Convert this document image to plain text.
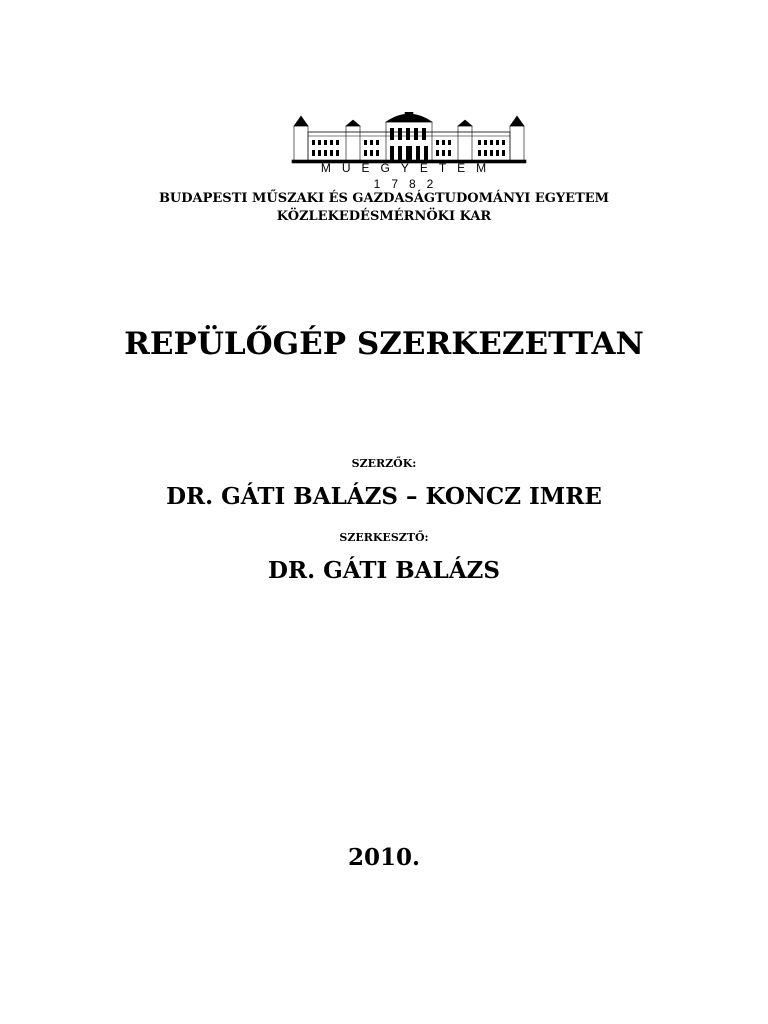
MŰEGYETEM 1782
BUDAPESTI MŰSZAKI ÉS GAZDASÁGTUDOMÁNYI EGYETEM
KÖZLEKEDÉSMÉRNÖKI KAR
REPÜLŐGÉP SZERKEZETTAN
SZERZŐK:
DR. GÁTI BALÁZS – KONCZ IMRE
SZERKESZTŐ:
DR. GÁTI BALÁZS
2010.
